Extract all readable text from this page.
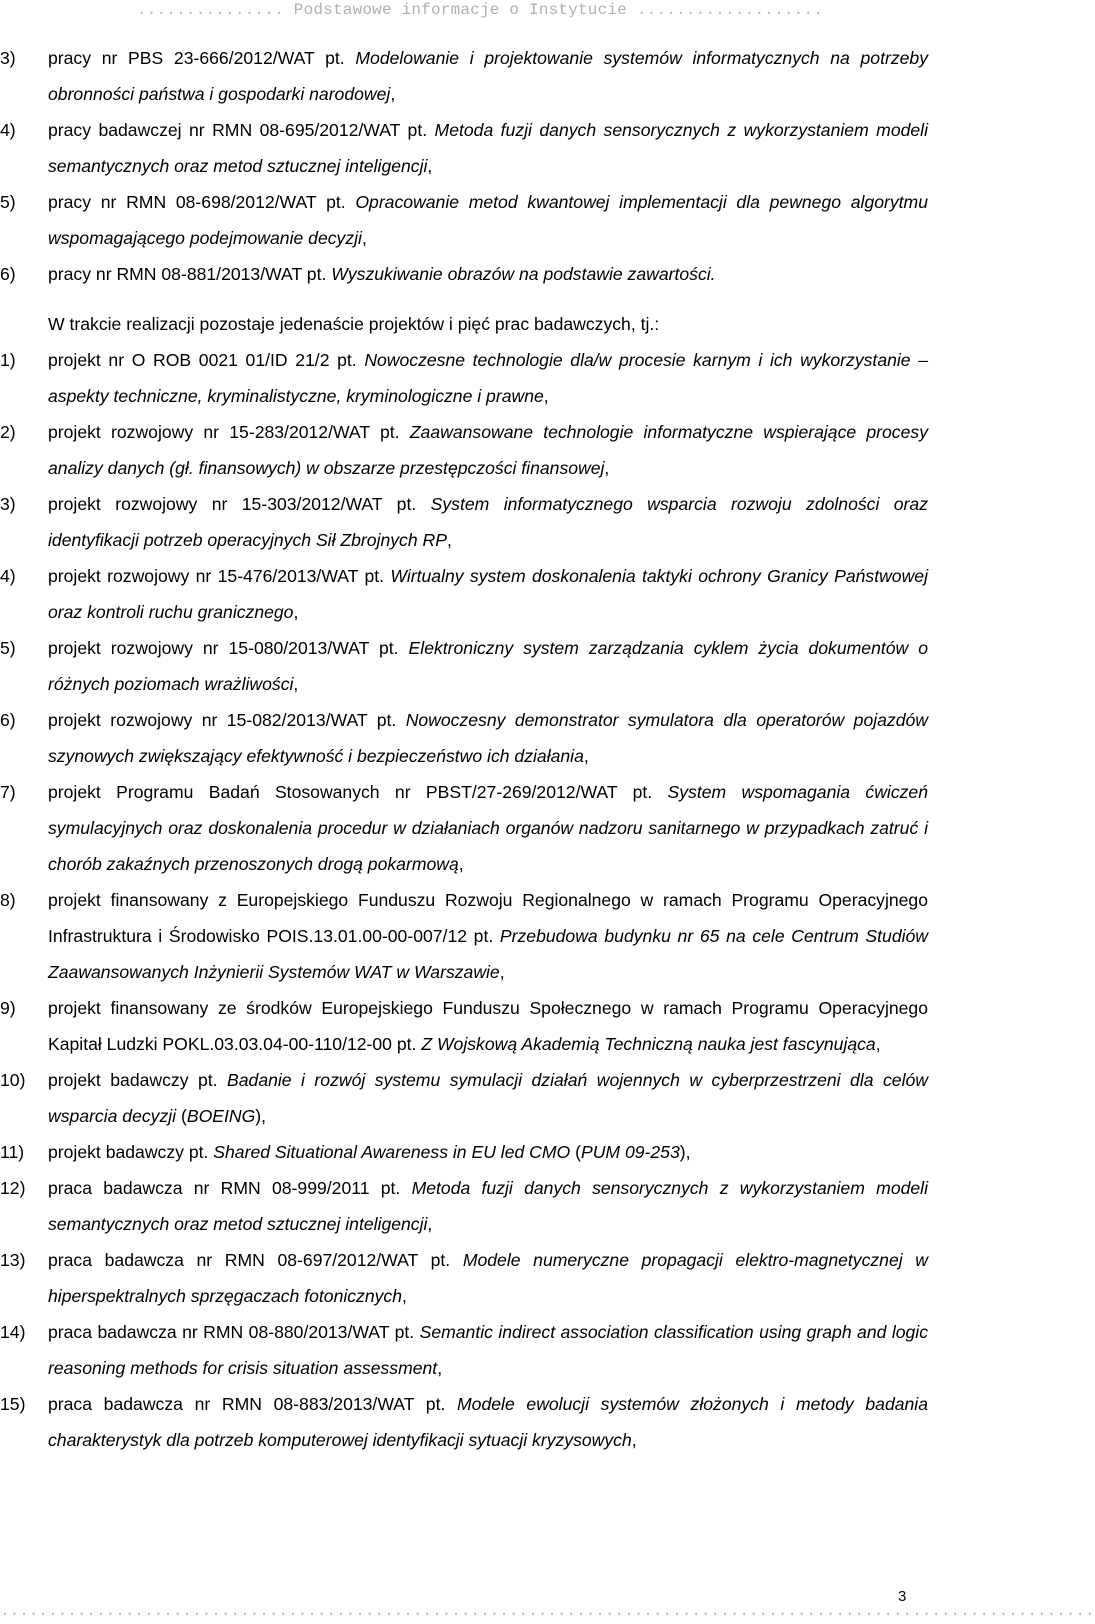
............... Podstawowe informacje o Instytucie ...................
3)	pracy nr PBS 23-666/2012/WAT pt. Modelowanie i projektowanie systemów informatycznych na potrzeby obronności państwa i gospodarki narodowej,
4)	pracy badawczej nr RMN 08-695/2012/WAT pt. Metoda fuzji danych sensorycznych z wykorzystaniem modeli semantycznych oraz metod sztucznej inteligencji,
5)	pracy nr RMN 08-698/2012/WAT pt. Opracowanie metod kwantowej implementacji dla pewnego algorytmu wspomagającego podejmowanie decyzji,
6)	pracy nr RMN 08-881/2013/WAT pt. Wyszukiwanie obrazów na podstawie zawartości.
W trakcie realizacji pozostaje jedenaście projektów i pięć prac badawczych, tj.:
1)	projekt nr O ROB 0021 01/ID 21/2 pt. Nowoczesne technologie dla/w procesie karnym i ich wykorzystanie – aspekty techniczne, kryminalistyczne, kryminologiczne i prawne,
2)	projekt rozwojowy nr 15-283/2012/WAT pt. Zaawansowane technologie informatyczne wspierające procesy analizy danych (gł. finansowych) w obszarze przestępczości finansowej,
3)	projekt rozwojowy nr 15-303/2012/WAT pt. System informatycznego wsparcia rozwoju zdolności oraz identyfikacji potrzeb operacyjnych Sił Zbrojnych RP,
4)	projekt rozwojowy nr 15-476/2013/WAT pt. Wirtualny system doskonalenia taktyki ochrony Granicy Państwowej oraz kontroli ruchu granicznego,
5)	projekt rozwojowy nr 15-080/2013/WAT pt. Elektroniczny system zarządzania cyklem życia dokumentów o różnych poziomach wrażliwości,
6)	projekt rozwojowy nr 15-082/2013/WAT pt. Nowoczesny demonstrator symulatora dla operatorów pojazdów szynowych zwiększający efektywność i bezpieczeństwo ich działania,
7)	projekt Programu Badań Stosowanych nr PBST/27-269/2012/WAT pt. System wspomagania ćwiczeń symulacyjnych oraz doskonalenia procedur w działaniach organów nadzoru sanitarnego w przypadkach zatruć i chorób zakaźnych przenoszonych drogą pokarmową,
8)	projekt finansowany z Europejskiego Funduszu Rozwoju Regionalnego w ramach Programu Operacyjnego Infrastruktura i Środowisko POIS.13.01.00-00-007/12 pt. Przebudowa budynku nr 65 na cele Centrum Studiów Zaawansowanych Inżynierii Systemów WAT w Warszawie,
9)	projekt finansowany ze środków Europejskiego Funduszu Społecznego w ramach Programu Operacyjnego Kapitał Ludzki POKL.03.03.04-00-110/12-00 pt. Z Wojskową Akademią Techniczną nauka jest fascynująca,
10)	projekt badawczy pt. Badanie i rozwój systemu symulacji działań wojennych w cyberprzestrzeni dla celów wsparcia decyzji (BOEING),
11)	projekt badawczy pt. Shared Situational Awareness in EU led CMO (PUM 09-253),
12)	praca badawcza nr RMN 08-999/2011 pt. Metoda fuzji danych sensorycznych z wykorzystaniem modeli semantycznych oraz metod sztucznej inteligencji,
13)	praca badawcza nr RMN 08-697/2012/WAT pt. Modele numeryczne propagacji elektro-magnetycznej w hiperspektralnych sprzęgaczach fotonicznych,
14)	praca badawcza nr RMN 08-880/2013/WAT pt. Semantic indirect association classification using graph and logic reasoning methods for crisis situation assessment,
15)	praca badawcza nr RMN 08-883/2013/WAT pt. Modele ewolucji systemów złożonych i metody badania charakterystyk dla potrzeb komputerowej identyfikacji sytuacji kryzysowych,
..................................................................................................................
3
